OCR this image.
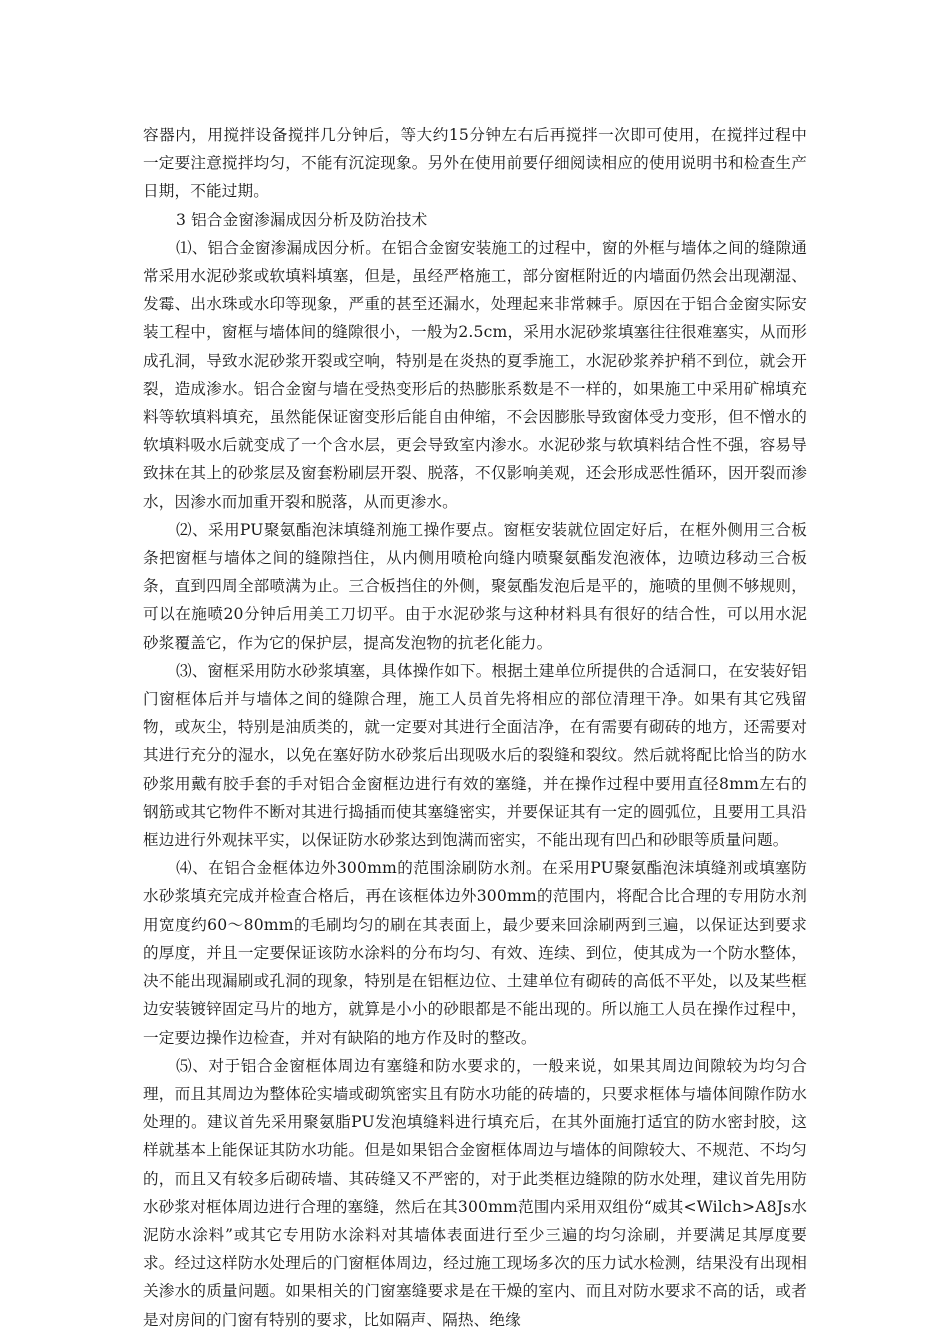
容器内，用搅拌设备搅拌几分钟后，等大约15分钟左右后再搅拌一次即可使用，在搅拌过程中一定要注意搅拌均匀，不能有沉淀现象。另外在使用前要仔细阅读相应的使用说明书和检查生产日期，不能过期。

3 铝合金窗渗漏成因分析及防治技术

⑴、铝合金窗渗漏成因分析。在铝合金窗安装施工的过程中，窗的外框与墙体之间的缝隙通常采用水泥砂浆或软填料填塞，但是，虽经严格施工，部分窗框附近的内墙面仍然会出现潮湿、发霉、出水珠或水印等现象，严重的甚至还漏水，处理起来非常棘手。原因在于铝合金窗实际安装工程中，窗框与墙体间的缝隙很小，一般为2.5cm，采用水泥砂浆填塞往往很难塞实，从而形成孔洞，导致水泥砂浆开裂或空响，特别是在炎热的夏季施工，水泥砂浆养护稍不到位，就会开裂，造成渗水。铝合金窗与墙在受热变形后的热膨胀系数是不一样的，如果施工中采用矿棉填充料等软填料填充，虽然能保证窗变形后能自由伸缩，不会因膨胀导致窗体受力变形，但不憎水的软填料吸水后就变成了一个含水层，更会导致室内渗水。水泥砂浆与软填料结合性不强，容易导致抹在其上的砂浆层及窗套粉刷层开裂、脱落，不仅影响美观，还会形成恶性循环，因开裂而渗水，因渗水而加重开裂和脱落，从而更渗水。

⑵、采用PU聚氨酯泡沫填缝剂施工操作要点。窗框安装就位固定好后，在框外侧用三合板条把窗框与墙体之间的缝隙挡住，从内侧用喷枪向缝内喷聚氨酯发泡液体，边喷边移动三合板条，直到四周全部喷满为止。三合板挡住的外侧，聚氨酯发泡后是平的，施喷的里侧不够规则，可以在施喷20分钟后用美工刀切平。由于水泥砂浆与这种材料具有很好的结合性，可以用水泥砂浆覆盖它，作为它的保护层，提高发泡物的抗老化能力。

⑶、窗框采用防水砂浆填塞，具体操作如下。根据土建单位所提供的合适洞口，在安装好铝门窗框体后并与墙体之间的缝隙合理，施工人员首先将相应的部位清理干净。如果有其它残留物，或灰尘，特别是油质类的，就一定要对其进行全面洁净，在有需要有砌砖的地方，还需要对其进行充分的湿水，以免在塞好防水砂浆后出现吸水后的裂缝和裂纹。然后就将配比恰当的防水砂浆用戴有胶手套的手对铝合金窗框边进行有效的塞缝，并在操作过程中要用直径8mm左右的钢筋或其它物件不断对其进行捣插而使其塞缝密实，并要保证其有一定的圆弧位，且要用工具沿框边进行外观抹平实，以保证防水砂浆达到饱满而密实，不能出现有凹凸和砂眼等质量问题。

⑷、在铝合金框体边外300mm的范围涂刷防水剂。在采用PU聚氨酯泡沫填缝剂或填塞防水砂浆填充完成并检查合格后，再在该框体边外300mm的范围内，将配合比合理的专用防水剂用宽度约60～80mm的毛刷均匀的刷在其表面上，最少要来回涂刷两到三遍，以保证达到要求的厚度，并且一定要保证该防水涂料的分布均匀、有效、连续、到位，使其成为一个防水整体，决不能出现漏刷或孔洞的现象，特别是在铝框边位、土建单位有砌砖的高低不平处，以及某些框边安装镀锌固定马片的地方，就算是小小的砂眼都是不能出现的。所以施工人员在操作过程中，一定要边操作边检查，并对有缺陷的地方作及时的整改。

⑸、对于铝合金窗框体周边有塞缝和防水要求的，一般来说，如果其周边间隙较为均匀合理，而且其周边为整体砼实墙或砌筑密实且有防水功能的砖墙的，只要求框体与墙体间隙作防水处理的。建议首先采用聚氨脂PU发泡填缝料进行填充后，在其外面施打适宜的防水密封胶，这样就基本上能保证其防水功能。但是如果铝合金窗框体周边与墙体的间隙较大、不规范、不均匀的，而且又有较多后砌砖墙、其砖缝又不严密的，对于此类框边缝隙的防水处理，建议首先用防水砂浆对框体周边进行合理的塞缝，然后在其300mm范围内采用双组份“威其<Wilch>A8Js水泥防水涂料”或其它专用防水涂料对其墙体表面进行至少三遍的均匀涂刷，并要满足其厚度要求。经过这样防水处理后的门窗框体周边，经过施工现场多次的压力试水检测，结果没有出现相关渗水的质量问题。如果相关的门窗塞缝要求是在干燥的室内、而且对防水要求不高的话，或者是对房间的门窗有特别的要求，比如隔声、隔热、绝缘
